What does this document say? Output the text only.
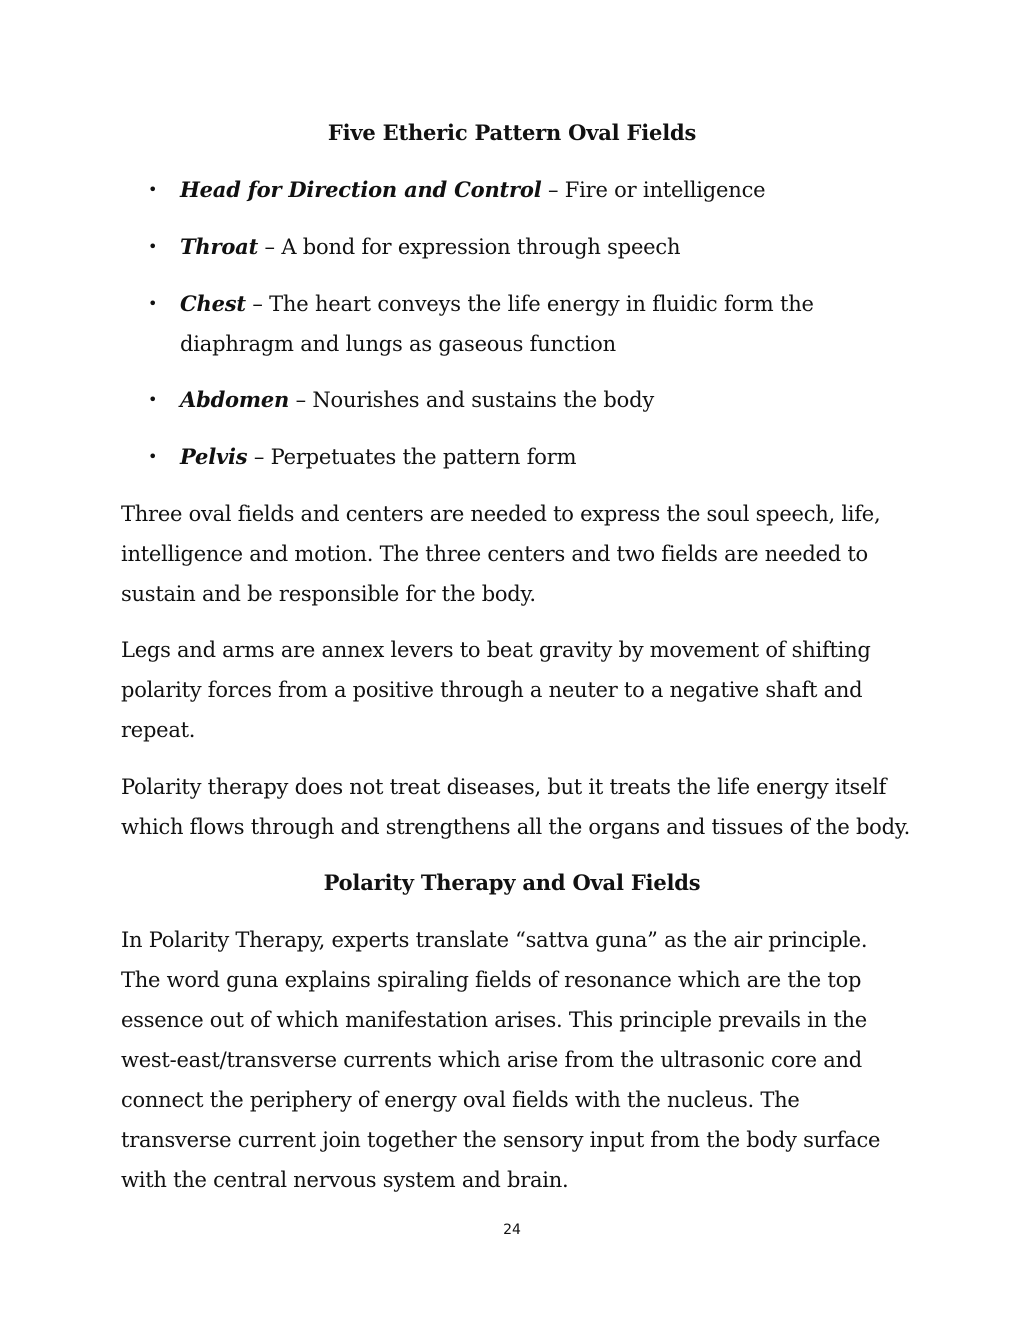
Five Etheric Pattern Oval Fields
• Head for Direction and Control – Fire or intelligence
• Throat – A bond for expression through speech
• Chest – The heart conveys the life energy in fluidic form the diaphragm and lungs as gaseous function
• Abdomen – Nourishes and sustains the body
• Pelvis – Perpetuates the pattern form

Three oval fields and centers are needed to express the soul speech, life, intelligence and motion. The three centers and two fields are needed to sustain and be responsible for the body.

Legs and arms are annex levers to beat gravity by movement of shifting polarity forces from a positive through a neuter to a negative shaft and repeat.

Polarity therapy does not treat diseases, but it treats the life energy itself which flows through and strengthens all the organs and tissues of the body.

Polarity Therapy and Oval Fields

In Polarity Therapy, experts translate “sattva guna” as the air principle. The word guna explains spiraling fields of resonance which are the top essence out of which manifestation arises. This principle prevails in the west-east/transverse currents which arise from the ultrasonic core and connect the periphery of energy oval fields with the nucleus. The transverse current join together the sensory input from the body surface with the central nervous system and brain.

24
